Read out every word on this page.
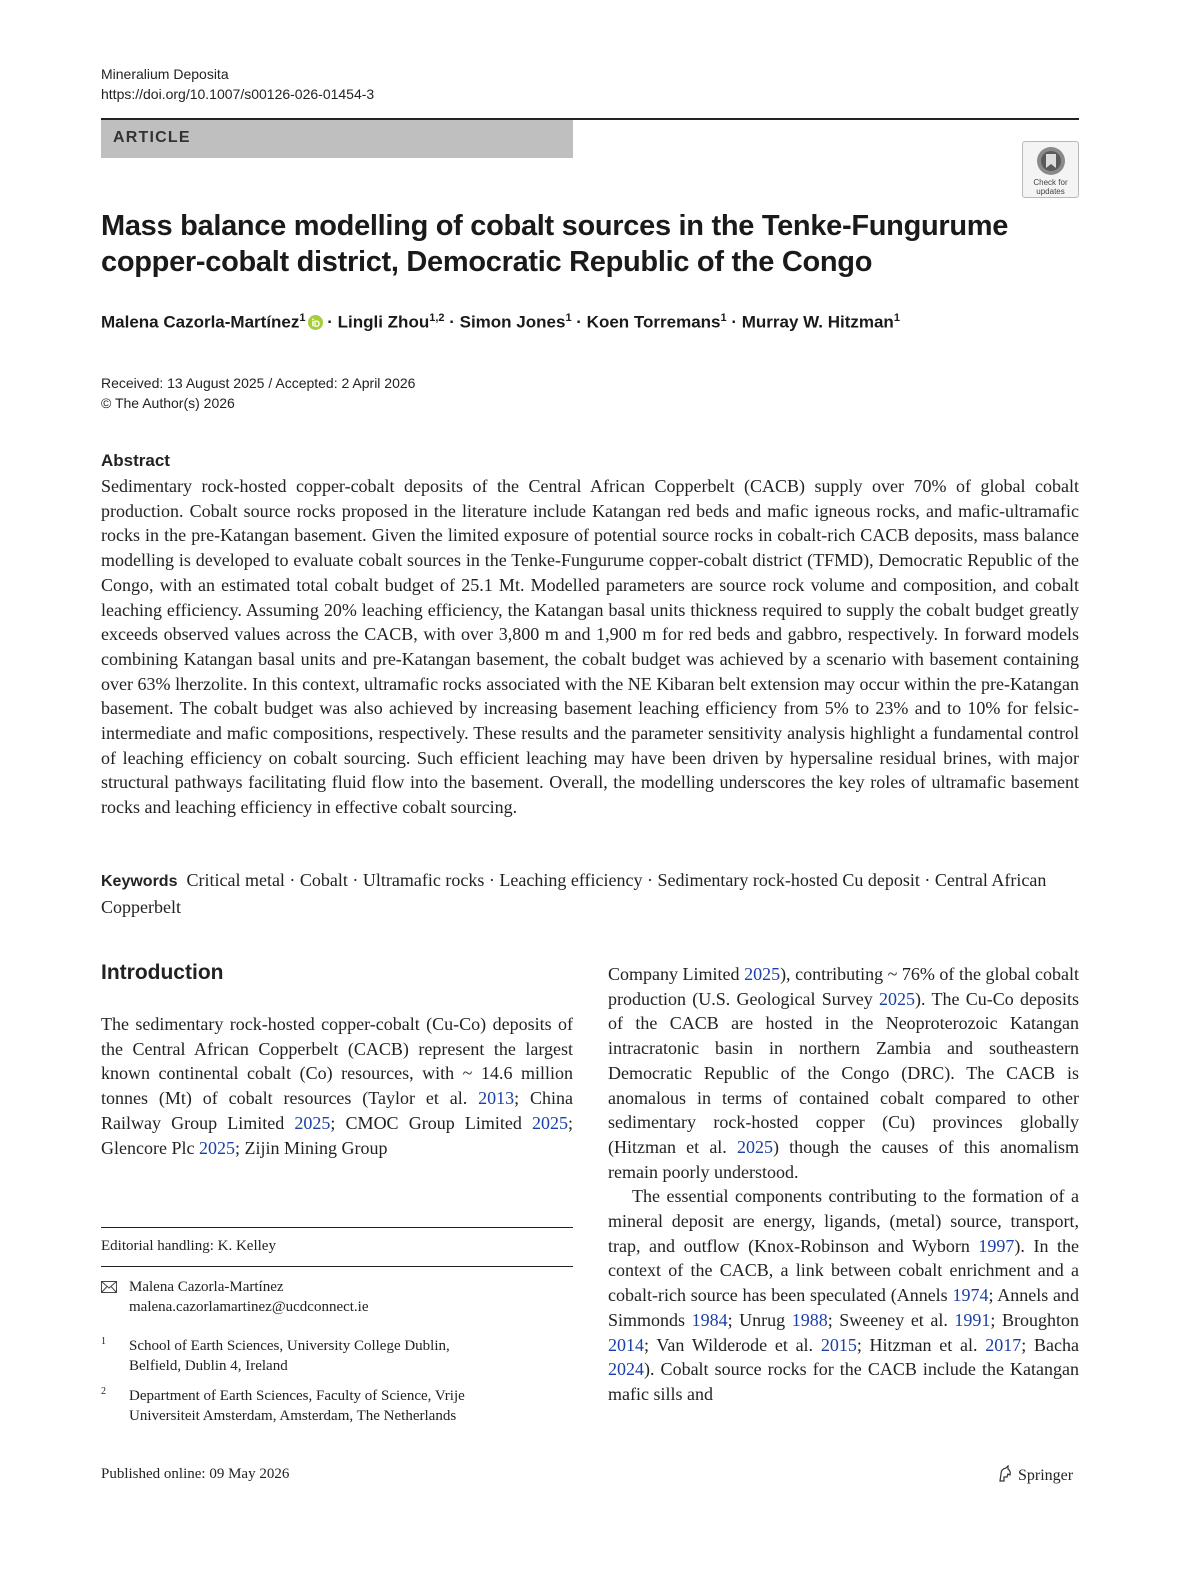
Mineralium Deposita
https://doi.org/10.1007/s00126-026-01454-3
ARTICLE
Check for updates
Mass balance modelling of cobalt sources in the Tenke-Fungurume copper-cobalt district, Democratic Republic of the Congo
Malena Cazorla-Martínez$^1$ · Lingli Zhou$^{1,2}$ · Simon Jones$^1$ · Koen Torremans$^1$ · Murray W. Hitzman$^1$
Received: 13 August 2025 / Accepted: 2 April 2026
© The Author(s) 2026
Abstract
Sedimentary rock-hosted copper-cobalt deposits of the Central African Copperbelt (CACB) supply over 70% of global cobalt production. Cobalt source rocks proposed in the literature include Katangan red beds and mafic igneous rocks, and mafic-ultramafic rocks in the pre-Katangan basement. Given the limited exposure of potential source rocks in cobalt-rich CACB deposits, mass balance modelling is developed to evaluate cobalt sources in the Tenke-Fungurume copper-cobalt district (TFMD), Democratic Republic of the Congo, with an estimated total cobalt budget of 25.1 Mt. Modelled parameters are source rock volume and composition, and cobalt leaching efficiency. Assuming 20% leaching efficiency, the Katangan basal units thickness required to supply the cobalt budget greatly exceeds observed values across the CACB, with over 3,800 m and 1,900 m for red beds and gabbro, respectively. In forward models combining Katangan basal units and pre-Katangan basement, the cobalt budget was achieved by a scenario with basement containing over 63% lherzolite. In this context, ultramafic rocks associated with the NE Kibaran belt extension may occur within the pre-Katangan basement. The cobalt budget was also achieved by increasing basement leaching efficiency from 5% to 23% and to 10% for felsic-intermediate and mafic compositions, respectively. These results and the parameter sensitivity analysis highlight a fundamental control of leaching efficiency on cobalt sourcing. Such efficient leaching may have been driven by hypersaline residual brines, with major structural pathways facilitating fluid flow into the basement. Overall, the modelling underscores the key roles of ultramafic basement rocks and leaching efficiency in effective cobalt sourcing.
Keywords Critical metal · Cobalt · Ultramafic rocks · Leaching efficiency · Sedimentary rock-hosted Cu deposit · Central African Copperbelt
Introduction

The sedimentary rock-hosted copper-cobalt (Cu-Co) deposits of the Central African Copperbelt (CACB) represent the largest known continental cobalt (Co) resources, with ~ 14.6 million tonnes (Mt) of cobalt resources (Taylor et al. 2013; China Railway Group Limited 2025; CMOC Group Limited 2025; Glencore Plc 2025; Zijin Mining Group

Company Limited 2025), contributing ~ 76% of the global cobalt production (U.S. Geological Survey 2025). The Cu-Co deposits of the CACB are hosted in the Neoproterozoic Katangan intracratonic basin in northern Zambia and southeastern Democratic Republic of the Congo (DRC). The CACB is anomalous in terms of contained cobalt compared to other sedimentary rock-hosted copper (Cu) provinces globally (Hitzman et al. 2025) though the causes of this anomalism remain poorly understood.

The essential components contributing to the formation of a mineral deposit are energy, ligands, (metal) source, transport, trap, and outflow (Knox-Robinson and Wyborn 1997). In the context of the CACB, a link between cobalt enrichment and a cobalt-rich source has been speculated (Annels 1974; Annels and Simmonds 1984; Unrug 1988; Sweeney et al. 1991; Broughton 2014; Van Wilderode et al. 2015; Hitzman et al. 2017; Bacha 2024). Cobalt source rocks for the CACB include the Katangan mafic sills and

Editorial handling: K. Kelley
Malena Cazorla-Martínez
malena.cazorlamartinez@ucdconnect.ie
1 School of Earth Sciences, University College Dublin,
Belfield, Dublin 4, Ireland
2 Department of Earth Sciences, Faculty of Science, Vrije
Universiteit Amsterdam, Amsterdam, The Netherlands
Published online: 09 May 2026	Springer
